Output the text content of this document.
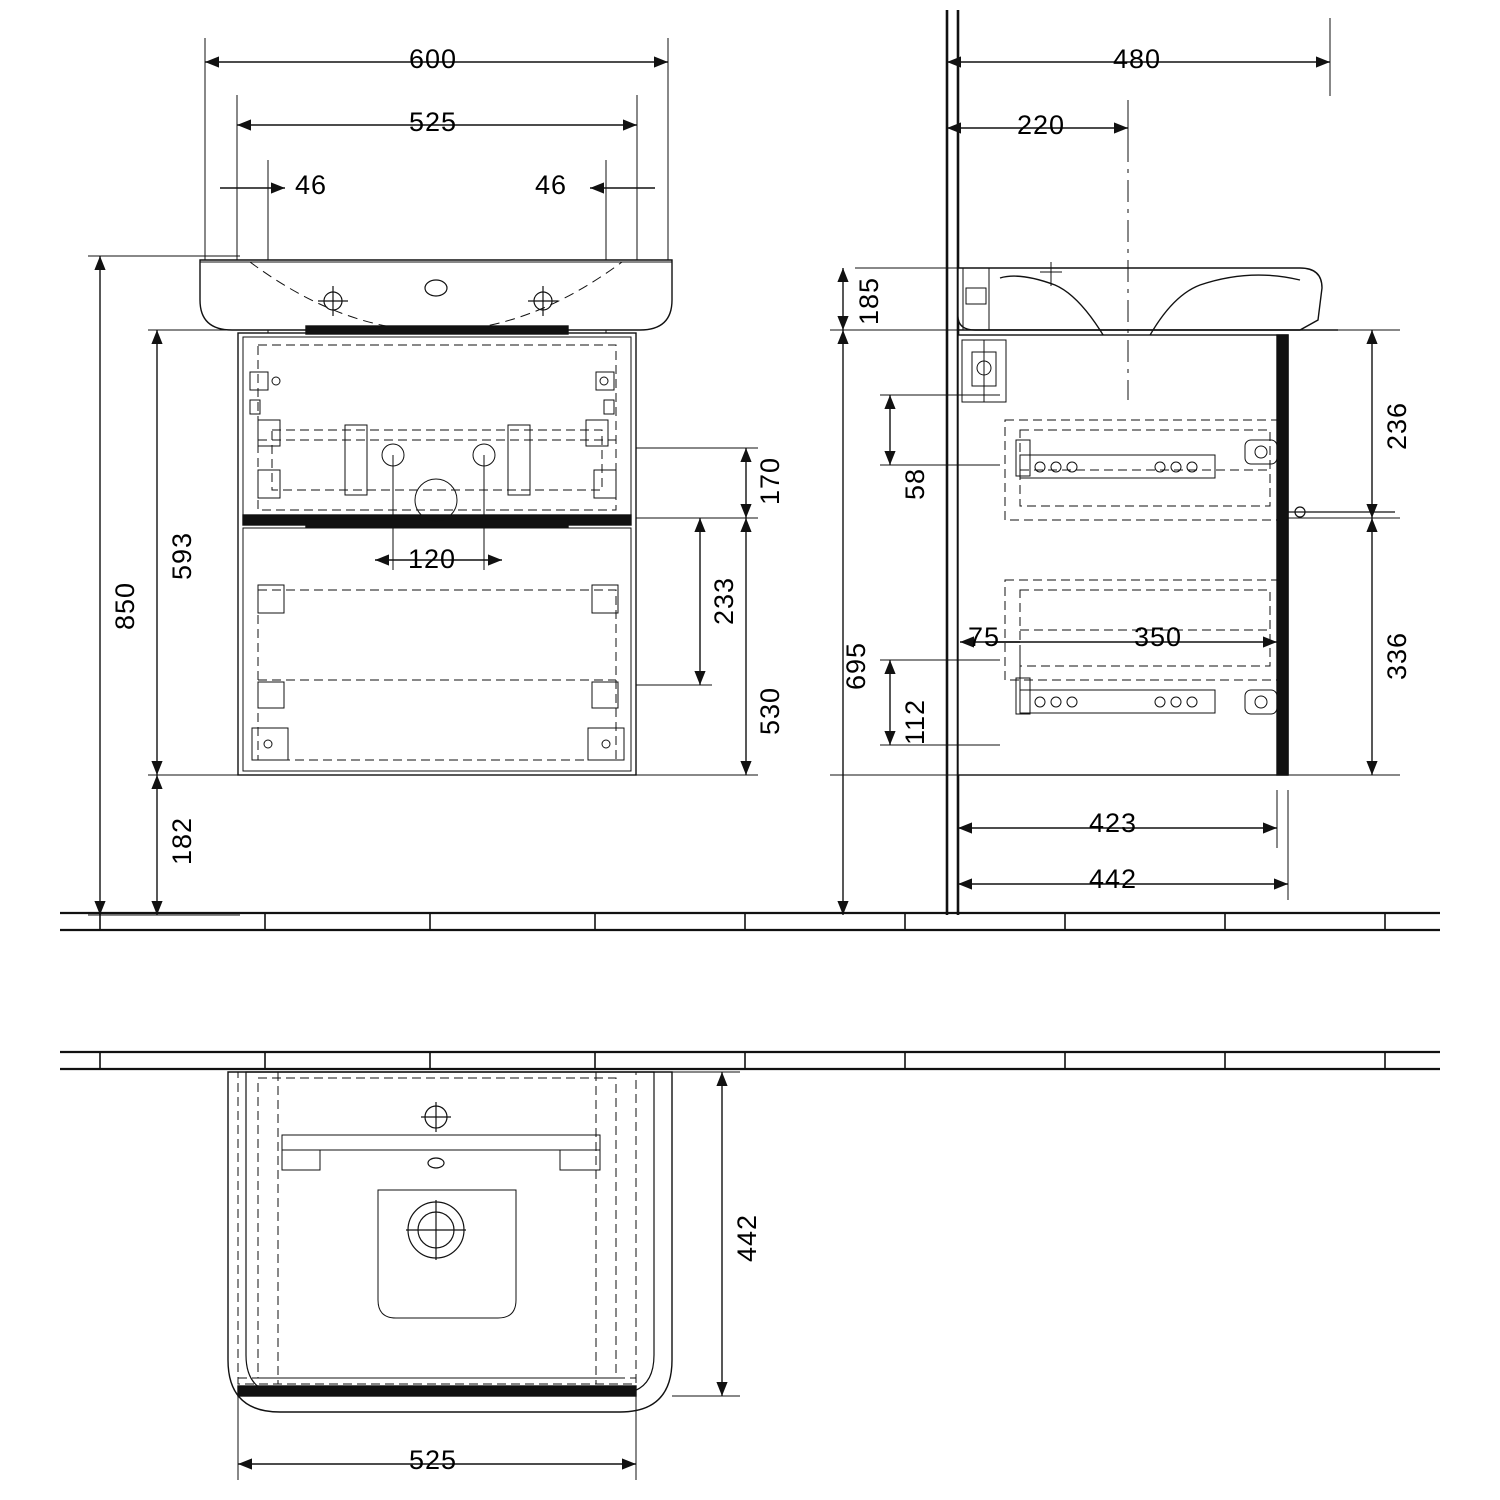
600
525
46	46
850
593
182
170
233
530
120
480
220
185
695
58
112
236
336
75	350
423
442
442
525
